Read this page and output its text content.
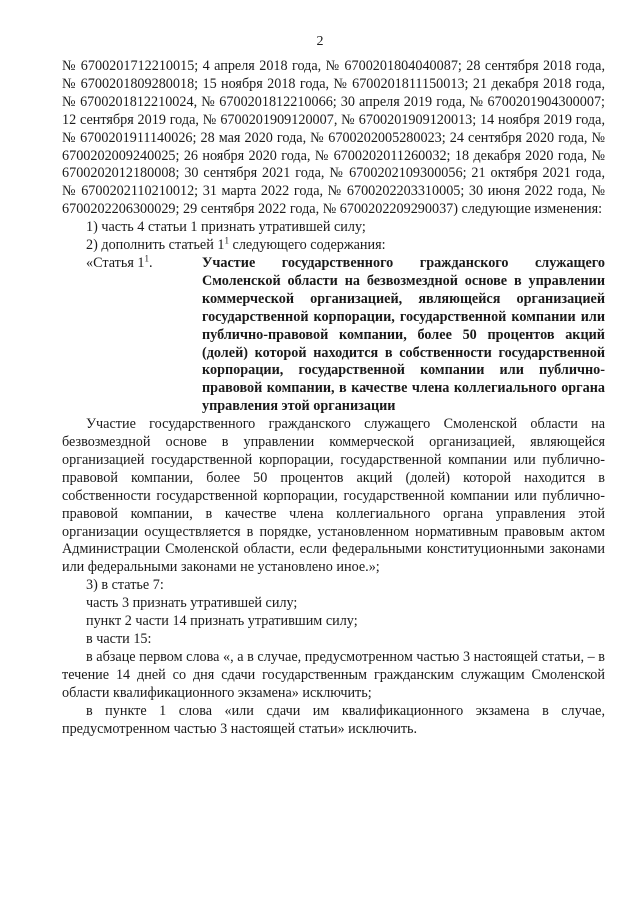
2

№ 6700201712210015; 4 апреля 2018 года, № 6700201804040087; 28 сентября 2018 года, № 6700201809280018; 15 ноября 2018 года, № 6700201811150013; 21 декабря 2018 года, № 6700201812210024, № 6700201812210066; 30 апреля 2019 года, № 6700201904300007; 12 сентября 2019 года, № 6700201909120007, № 6700201909120013; 14 ноября 2019 года, № 6700201911140026; 28 мая 2020 года, № 6700202005280023; 24 сентября 2020 года, № 6700202009240025; 26 ноября 2020 года, № 6700202011260032; 18 декабря 2020 года, № 6700202012180008; 30 сентября 2021 года, № 6700202109300056; 21 октября 2021 года, № 6700202110210012; 31 марта 2022 года, № 6700202203310005; 30 июня 2022 года, № 6700202206300029; 29 сентября 2022 года, № 6700202209290037) следующие изменения:

1) часть 4 статьи 1 признать утратившей силу;

2) дополнить статьей $1^1$ следующего содержания:

«Статья $1^1$.	Участие государственного гражданского служащего Смоленской области на безвозмездной основе в управлении коммерческой организацией, являющейся организацией государственной корпорации, государственной компании или публично-правовой компании, более 50 процентов акций (долей) которой находится в собственности государственной корпорации, государственной компании или публично-правовой компании, в качестве члена коллегиального органа управления этой организации

Участие государственного гражданского служащего Смоленской области на безвозмездной основе в управлении коммерческой организацией, являющейся организацией государственной корпорации, государственной компании или публично-правовой компании, более 50 процентов акций (долей) которой находится в собственности государственной корпорации, государственной компании или публично-правовой компании, в качестве члена коллегиального органа управления этой организации осуществляется в порядке, установленном нормативным правовым актом Администрации Смоленской области, если федеральными конституционными законами или федеральными законами не установлено иное.»;

3) в статье 7:

часть 3 признать утратившей силу;

пункт 2 части 14 признать утратившим силу;

в части 15:

в абзаце первом слова «, а в случае, предусмотренном частью 3 настоящей статьи, – в течение 14 дней со дня сдачи государственным гражданским служащим Смоленской области квалификационного экзамена» исключить;

в пункте 1 слова «или сдачи им квалификационного экзамена в случае, предусмотренном частью 3 настоящей статьи» исключить.
